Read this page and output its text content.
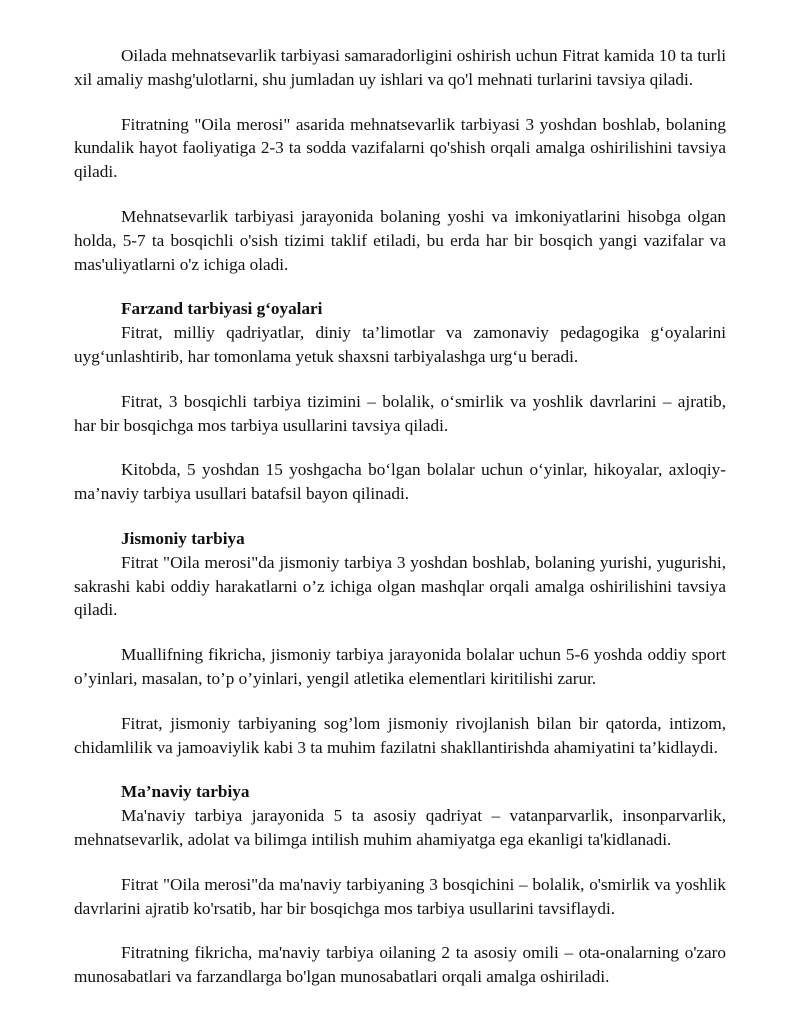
Oilada mehnatsevarlik tarbiyasi samaradorligini oshirish uchun Fitrat kamida 10 ta turli xil amaliy mashg'ulotlarni, shu jumladan uy ishlari va qo'l mehnati turlarini tavsiya qiladi.

Fitratning "Oila merosi" asarida mehnatsevarlik tarbiyasi 3 yoshdan boshlab, bolaning kundalik hayot faoliyatiga 2-3 ta sodda vazifalarni qo'shish orqali amalga oshirilishini tavsiya qiladi.

Mehnatsevarlik tarbiyasi jarayonida bolaning yoshi va imkoniyatlarini hisobga olgan holda, 5-7 ta bosqichli o'sish tizimi taklif etiladi, bu erda har bir bosqich yangi vazifalar va mas'uliyatlarni o'z ichiga oladi.

Farzand tarbiyasi g‘oyalari

Fitrat, milliy qadriyatlar, diniy ta’limotlar va zamonaviy pedagogika g‘oyalarini uyg‘unlashtirib, har tomonlama yetuk shaxsni tarbiyalashga urg‘u beradi.

Fitrat, 3 bosqichli tarbiya tizimini – bolalik, o‘smirlik va yoshlik davrlarini – ajratib, har bir bosqichga mos tarbiya usullarini tavsiya qiladi.

Kitobda, 5 yoshdan 15 yoshgacha bo‘lgan bolalar uchun o‘yinlar, hikoyalar, axloqiy-ma’naviy tarbiya usullari batafsil bayon qilinadi.

Jismoniy tarbiya

Fitrat "Oila merosi"da jismoniy tarbiya 3 yoshdan boshlab, bolaning yurishi, yugurishi, sakrashi kabi oddiy harakatlarni o’z ichiga olgan mashqlar orqali amalga oshirilishini tavsiya qiladi.

Muallifning fikricha, jismoniy tarbiya jarayonida bolalar uchun 5-6 yoshda oddiy sport o’yinlari, masalan, to’p o’yinlari, yengil atletika elementlari kiritilishi zarur.

Fitrat, jismoniy tarbiyaning sog’lom jismoniy rivojlanish bilan bir qatorda, intizom, chidamlilik va jamoaviylik kabi 3 ta muhim fazilatni shakllantirishda ahamiyatini ta’kidlaydi.

Ma’naviy tarbiya

Ma'naviy tarbiya jarayonida 5 ta asosiy qadriyat – vatanparvarlik, insonparvarlik, mehnatsevarlik, adolat va bilimga intilish muhim ahamiyatga ega ekanligi ta'kidlanadi.

Fitrat "Oila merosi"da ma'naviy tarbiyaning 3 bosqichini – bolalik, o'smirlik va yoshlik davrlarini ajratib ko'rsatib, har bir bosqichga mos tarbiya usullarini tavsiflaydi.

Fitratning fikricha, ma'naviy tarbiya oilaning 2 ta asosiy omili – ota-onalarning o'zaro munosabatlari va farzandlarga bo'lgan munosabatlari orqali amalga oshiriladi.
